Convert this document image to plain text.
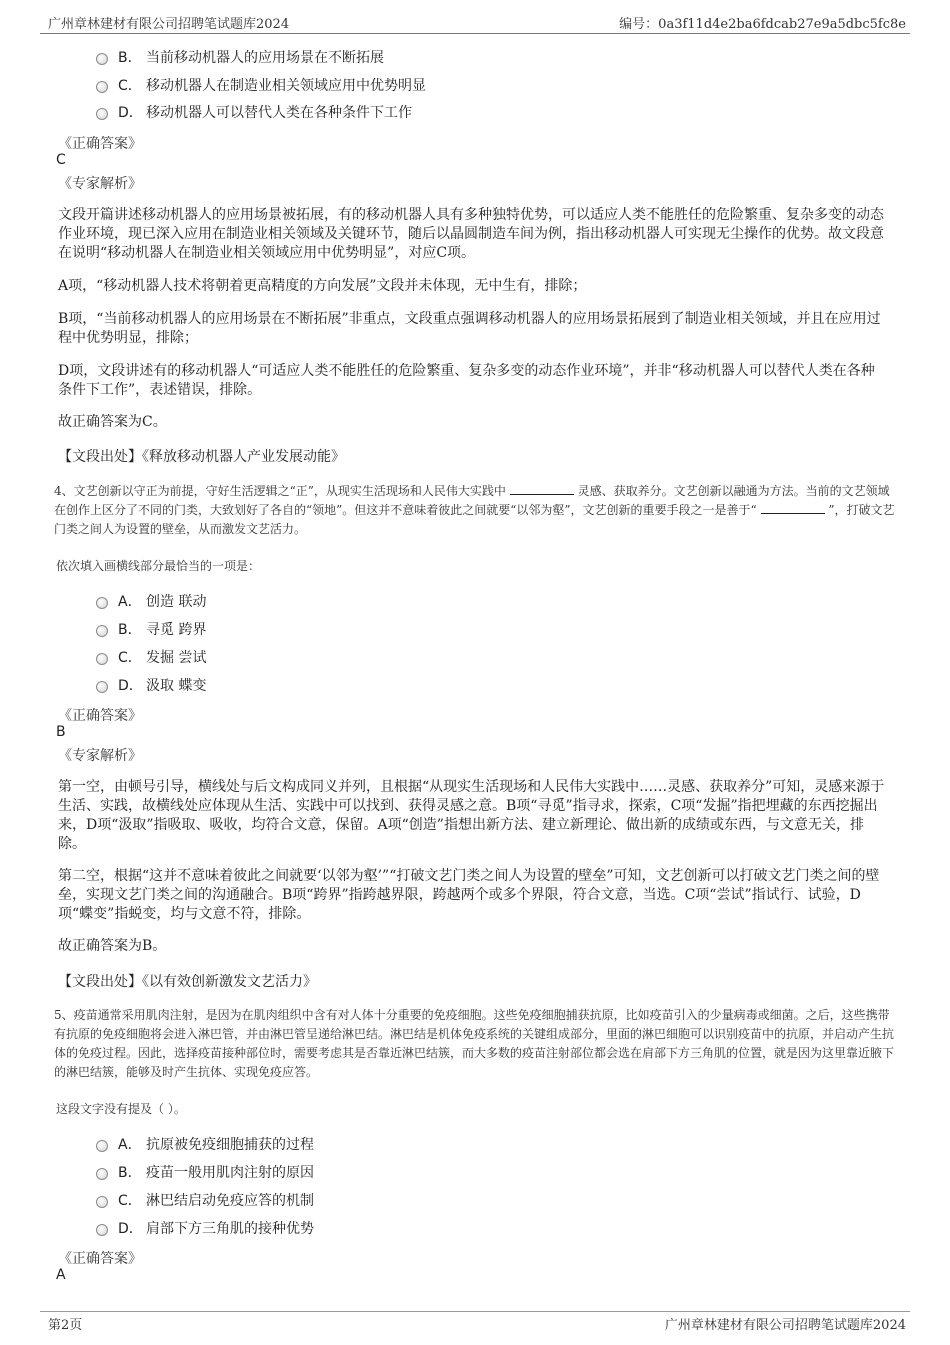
广州章林建材有限公司招聘笔试题库2024	编号：0a3f11d4e2ba6fdcab27e9a5dbc5fc8e
B． 当前移动机器人的应用场景在不断拓展
C． 移动机器人在制造业相关领域应用中优势明显
D． 移动机器人可以替代人类在各种条件下工作
《正确答案》
C
《专家解析》
文段开篇讲述移动机器人的应用场景被拓展，有的移动机器人具有多种独特优势，可以适应人类不能胜任的危险繁重、复杂多变的动态作业环境，现已深入应用在制造业相关领域及关键环节，随后以晶圆制造车间为例，指出移动机器人可实现无尘操作的优势。故文段意在说明“移动机器人在制造业相关领域应用中优势明显”，对应C项。
A项，“移动机器人技术将朝着更高精度的方向发展”文段并未体现，无中生有，排除；
B项，“当前移动机器人的应用场景在不断拓展”非重点，文段重点强调移动机器人的应用场景拓展到了制造业相关领域，并且在应用过程中优势明显，排除；
D项，文段讲述有的移动机器人“可适应人类不能胜任的危险繁重、复杂多变的动态作业环境”，并非“移动机器人可以替代人类在各种条件下工作”，表述错误，排除。
故正确答案为C。
【文段出处】《释放移动机器人产业发展动能》
4、文艺创新以守正为前提，守好生活逻辑之“正”，从现实生活现场和人民伟大实践中	灵感、获取养分。文艺创新以融通为方法。当前的文艺领域在创作上区分了不同的门类，大致划好了各自的“领地”。但这并不意味着彼此之间就要“以邻为壑”，文艺创新的重要手段之一是善于“	”，打破文艺门类之间人为设置的壁垒，从而激发文艺活力。
依次填入画横线部分最恰当的一项是：
A． 创造 联动
B． 寻觅 跨界
C． 发掘 尝试
D． 汲取 蝶变
《正确答案》
B
《专家解析》
第一空，由顿号引导，横线处与后文构成同义并列，且根据“从现实生活现场和人民伟大实践中……灵感、获取养分”可知，灵感来源于生活、实践，故横线处应体现从生活、实践中可以找到、获得灵感之意。B项“寻觅”指寻求，探索，C项“发掘”指把埋藏的东西挖掘出来，D项“汲取”指吸取、吸收，均符合文意，保留。A项“创造”指想出新方法、建立新理论、做出新的成绩或东西，与文意无关，排除。
第二空，根据“这并不意味着彼此之间就要‘以邻为壑’”“打破文艺门类之间人为设置的壁垒”可知，文艺创新可以打破文艺门类之间的壁垒，实现文艺门类之间的沟通融合。B项“跨界”指跨越界限，跨越两个或多个界限，符合文意，当选。C项“尝试”指试行、试验，D项“蝶变”指蜕变，均与文意不符，排除。
故正确答案为B。
【文段出处】《以有效创新激发文艺活力》
5、疫苗通常采用肌肉注射，是因为在肌肉组织中含有对人体十分重要的免疫细胞。这些免疫细胞捕获抗原，比如疫苗引入的少量病毒或细菌。之后，这些携带有抗原的免疫细胞将会进入淋巴管，并由淋巴管呈递给淋巴结。淋巴结是机体免疫系统的关键组成部分，里面的淋巴细胞可以识别疫苗中的抗原，并启动产生抗体的免疫过程。因此，选择疫苗接种部位时，需要考虑其是否靠近淋巴结簇，而大多数的疫苗注射部位都会选在肩部下方三角肌的位置，就是因为这里靠近腋下的淋巴结簇，能够及时产生抗体、实现免疫应答。
这段文字没有提及（ ）。
A． 抗原被免疫细胞捕获的过程
B． 疫苗一般用肌肉注射的原因
C． 淋巴结启动免疫应答的机制
D． 肩部下方三角肌的接种优势
《正确答案》
A
第2页	广州章林建材有限公司招聘笔试题库2024
